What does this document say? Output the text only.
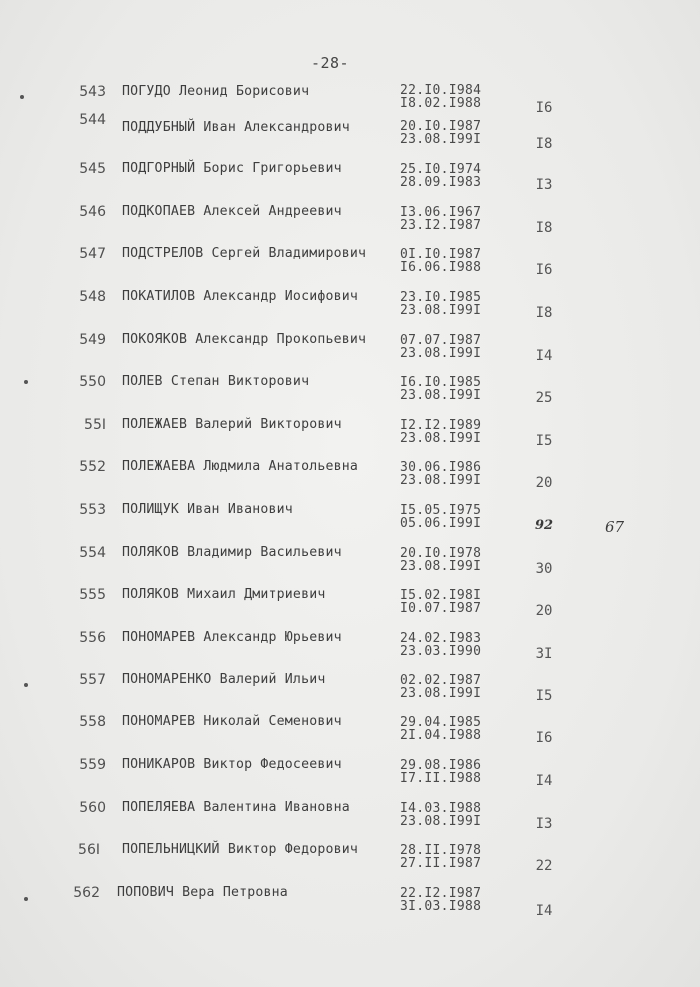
-28-
543 ПОГУДО Леонид Борисович	22.I0.I984
I8.02.I988	I6
544 ПОДДУБНЫЙ Иван Александрович	20.I0.I987
23.08.I99I	I8
545 ПОДГОРНЫЙ Борис Григорьевич	25.I0.I974
28.09.I983	I3
546 ПОДКОПАЕВ Алексей Андреевич	I3.06.I967
23.I2.I987	I8
547 ПОДСТРЕЛОВ Сергей Владимирович	0I.I0.I987
I6.06.I988	I6
548 ПОКАТИЛОВ Александр Иосифович	23.I0.I985
23.08.I99I	I8
549 ПОКОЯКОВ Александр Прокопьевич	07.07.I987
23.08.I99I	I4
550 ПОЛЕВ Степан Викторович	I6.I0.I985
23.08.I99I	25
55I ПОЛЕЖАЕВ Валерий Викторович	I2.I2.I989
23.08.I99I	I5
552 ПОЛЕЖАЕВА Людмила Анатольевна	30.06.I986
23.08.I99I	20
553 ПОЛИЩУК Иван Иванович	I5.05.I975
05.06.I99I	92
554 ПОЛЯКОВ Владимир Васильевич	20.I0.I978
23.08.I99I	30
555 ПОЛЯКОВ Михаил Дмитриевич	I5.02.I98I
I0.07.I987	20
556 ПОНОМАРЕВ Александр Юрьевич	24.02.I983
23.03.I990	3I
557 ПОНОМАРЕНКО Валерий Ильич	02.02.I987
23.08.I99I	I5
558 ПОНОМАРЕВ Николай Семенович	29.04.I985
2I.04.I988	I6
559 ПОНИКАРОВ Виктор Федосеевич	29.08.I986
I7.II.I988	I4
560 ПОПЕЛЯЕВА Валентина Ивановна	I4.03.I988
23.08.I99I	I3
56I ПОПЕЛЬНИЦКИЙ Виктор Федорович	28.II.I978
27.II.I987	22
562 ПОПОВИЧ Вера Петровна	22.I2.I987
3I.03.I988	I4
67
